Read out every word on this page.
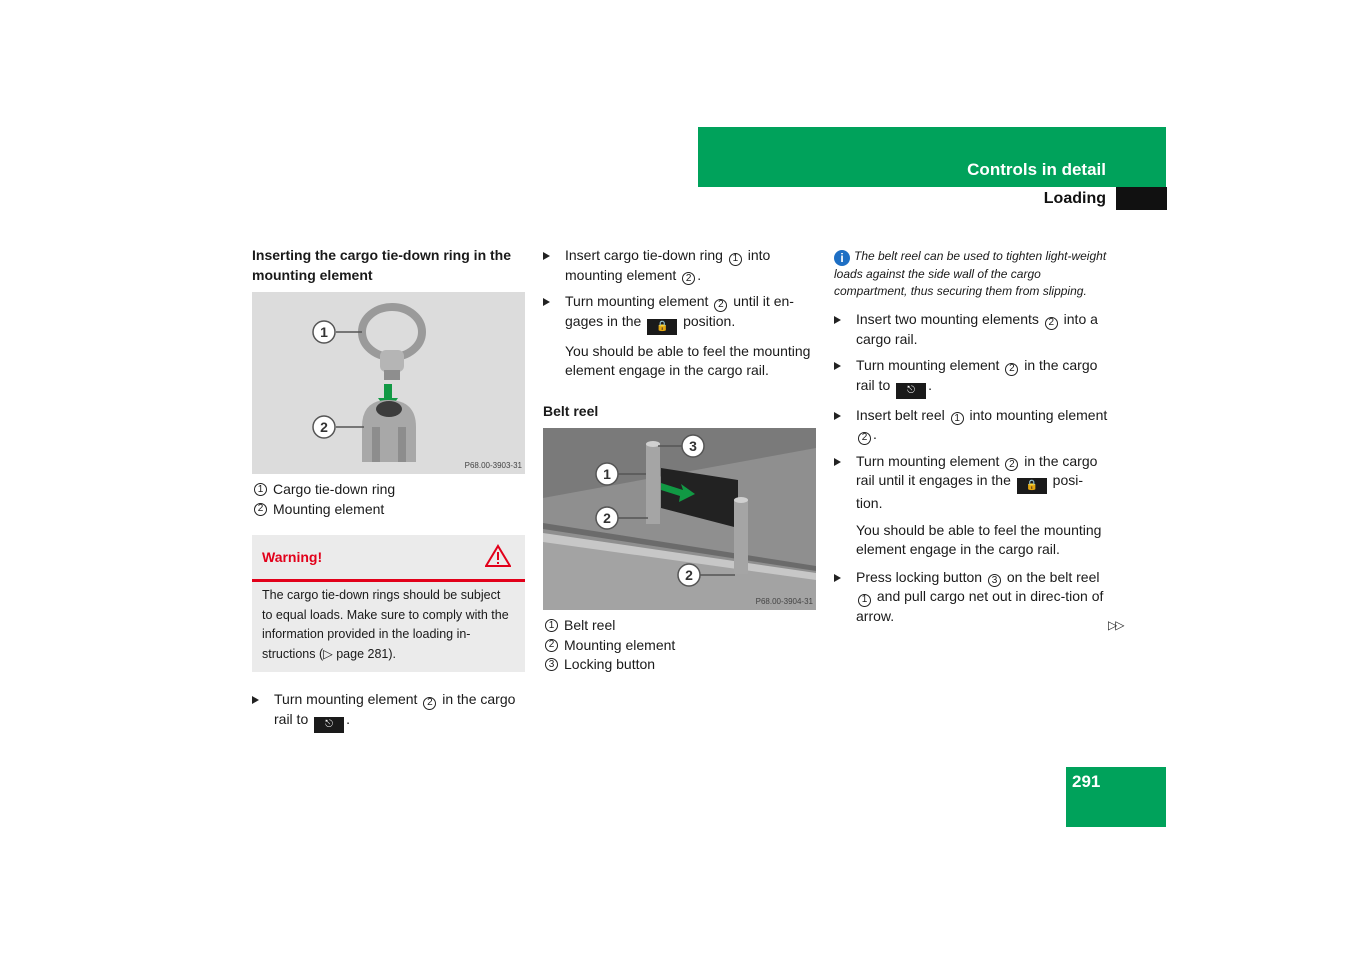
Controls in detail
Loading
Inserting the cargo tie-down ring in the mounting element
1
2
P68.00-3903-31
1 Cargo tie-down ring
2 Mounting element
Warning!
The cargo tie-down rings should be subject to equal loads. Make sure to comply with the information provided in the loading in-structions (▷ page 281).

Turn mounting element 2 in the cargo rail to ⎋ .

Insert cargo tie-down ring 1 into mounting element 2 .

Turn mounting element 2 until it en-gages in the 🔒 position.

You should be able to feel the mounting element engage in the cargo rail.

Belt reel
3
1
2
2
P68.00-3904-31
1 Belt reel
2 Mounting element
3 Locking button
i The belt reel can be used to tighten light-weight loads against the side wall of the cargo compartment, thus securing them from slipping.

Insert two mounting elements 2 into a cargo rail.

Turn mounting element 2 in the cargo rail to ⎋ .

Insert belt reel 1 into mounting element 2 .

Turn mounting element 2 in the cargo rail until it engages in the 🔒 posi-tion.

You should be able to feel the mounting element engage in the cargo rail.

Press locking button 3 on the belt reel 1 and pull cargo net out in direc-tion of arrow.

▷▷
291
